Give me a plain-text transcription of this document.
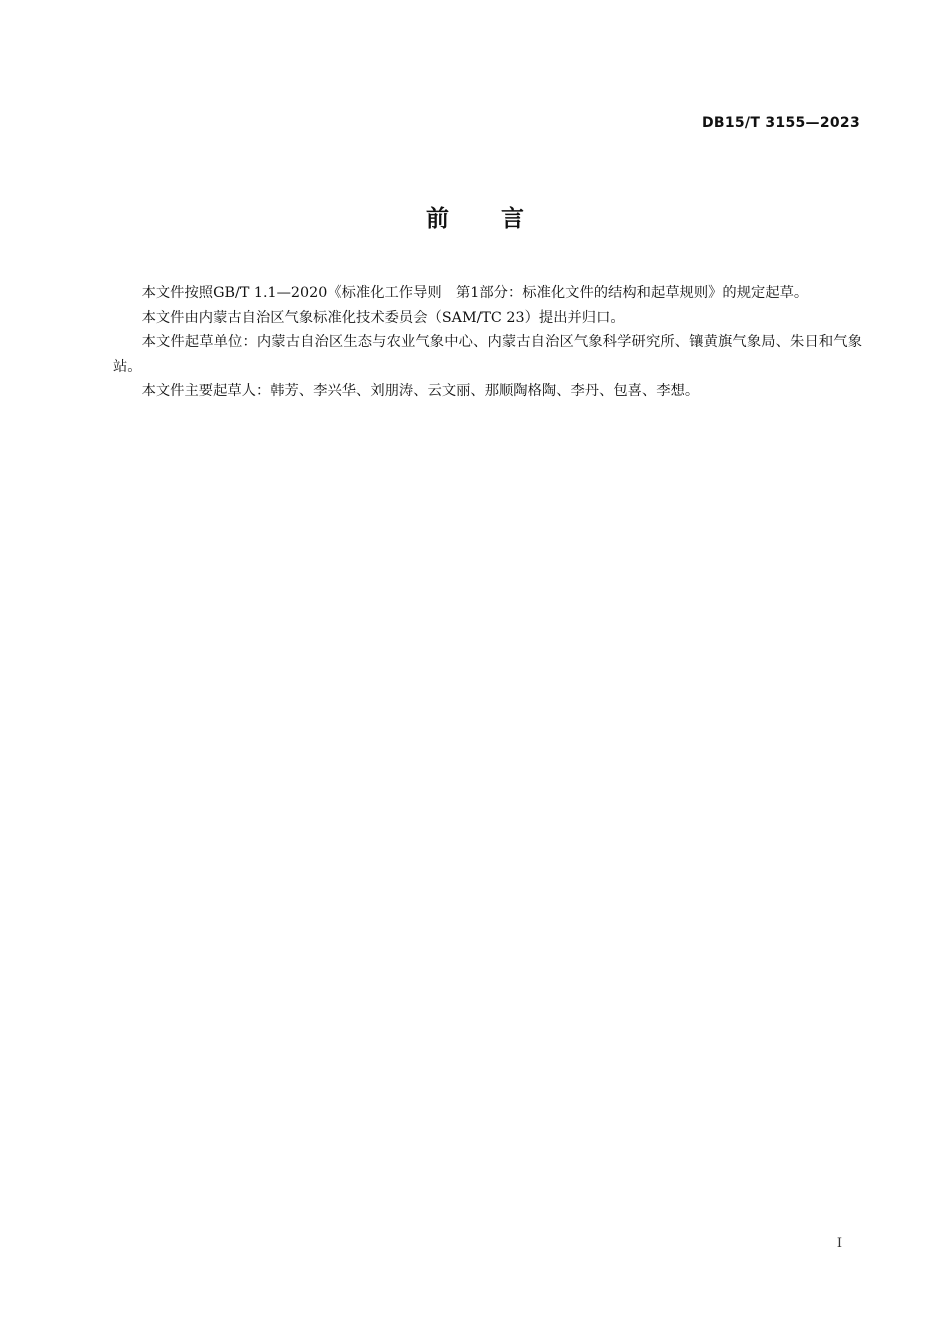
DB15/T 3155—2023
前言

本文件按照GB/T 1.1—2020《标准化工作导则　第1部分：标准化文件的结构和起草规则》的规定起草。

本文件由内蒙古自治区气象标准化技术委员会（SAM/TC 23）提出并归口。

本文件起草单位：内蒙古自治区生态与农业气象中心、内蒙古自治区气象科学研究所、镶黄旗气象局、朱日和气象站。

本文件主要起草人：韩芳、李兴华、刘朋涛、云文丽、那顺陶格陶、李丹、包喜、李想。

I
